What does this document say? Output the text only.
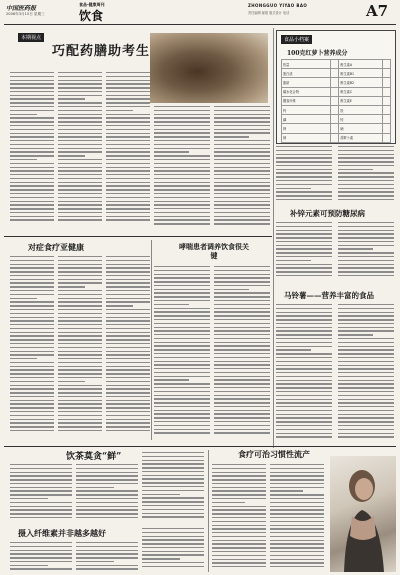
中国医药报
2006年3月15日 星期三
食品·健康周刊
饮食
ZHONGGUO YIYAO BAO
责任编辑 邮箱 版式设计 电话	A7
本期视点
巧配药膳助考生
食品小档案
100克红萝卜营养成分
热量		维生素A	
蛋白质		维生素B1	
脂肪		维生素B2	
碳水化合物		维生素C	
膳食纤维		维生素E	
钙		铁	
磷		锌	
钾		硒	
钠		胡萝卜素	
补锌元素可预防糖尿病
马铃薯——营养丰富的食品
对症食疗亚健康	哮喘患者调养饮食很关键
饮茶莫贪“鲜”
摄入纤维素并非越多越好
食疗可治习惯性流产
